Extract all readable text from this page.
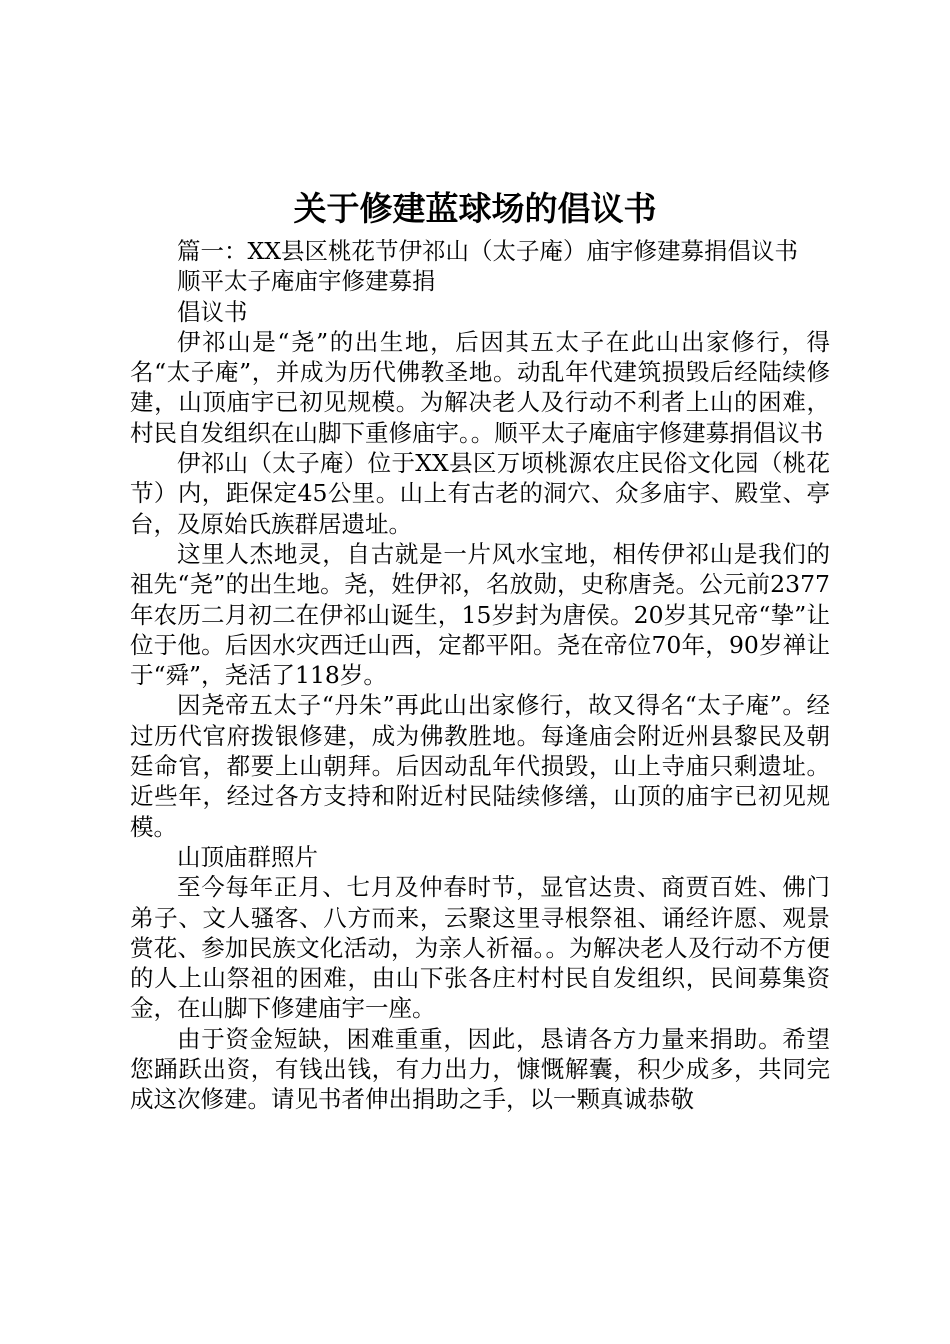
关于修建蓝球场的倡议书

篇一：XX县区桃花节伊祁山（太子庵）庙宇修建募捐倡议书

顺平太子庵庙宇修建募捐

倡议书

伊祁山是“尧”的出生地，后因其五太子在此山出家修行，得名“太子庵”，并成为历代佛教圣地。动乱年代建筑损毁后经陆续修建，山顶庙宇已初见规模。为解决老人及行动不利者上山的困难，村民自发组织在山脚下重修庙宇。。顺平太子庵庙宇修建募捐倡议书

伊祁山（太子庵）位于XX县区万顷桃源农庄民俗文化园（桃花节）内，距保定45公里。山上有古老的洞穴、众多庙宇、殿堂、亭台，及原始氏族群居遗址。

这里人杰地灵，自古就是一片风水宝地，相传伊祁山是我们的祖先“尧”的出生地。尧，姓伊祁，名放勋，史称唐尧。公元前2377年农历二月初二在伊祁山诞生，15岁封为唐侯。20岁其兄帝“挚”让位于他。后因水灾西迁山西，定都平阳。尧在帝位70年，90岁禅让于“舜”，尧活了118岁。

因尧帝五太子“丹朱”再此山出家修行，故又得名“太子庵”。经过历代官府拨银修建，成为佛教胜地。每逢庙会附近州县黎民及朝廷命官，都要上山朝拜。后因动乱年代损毁，山上寺庙只剩遗址。近些年，经过各方支持和附近村民陆续修缮，山顶的庙宇已初见规模。

山顶庙群照片

至今每年正月、七月及仲春时节，显官达贵、商贾百姓、佛门弟子、文人骚客、八方而来，云聚这里寻根祭祖、诵经许愿、观景赏花、参加民族文化活动，为亲人祈福。。为解决老人及行动不方便的人上山祭祖的困难，由山下张各庄村村民自发组织，民间募集资金，在山脚下修建庙宇一座。

由于资金短缺，困难重重，因此，恳请各方力量来捐助。希望您踊跃出资，有钱出钱，有力出力，慷慨解囊，积少成多，共同完成这次修建。请见书者伸出捐助之手，以一颗真诚恭敬
